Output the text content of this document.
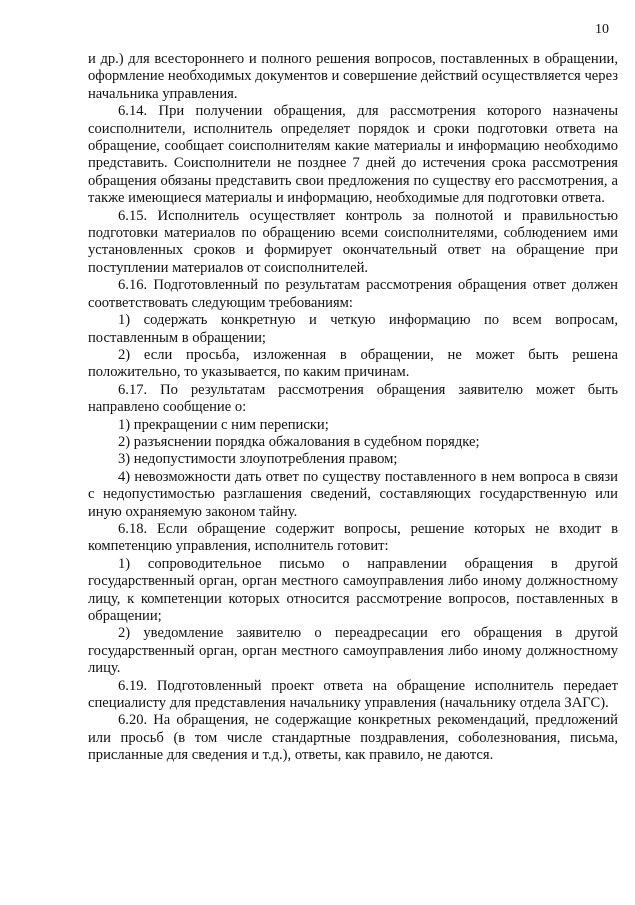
10

и др.) для всестороннего и полного решения вопросов, поставленных в обращении, оформление необходимых документов и совершение действий осуществляется через начальника управления.

6.14. При получении обращения, для рассмотрения которого назначены соисполнители, исполнитель определяет порядок и сроки подготовки ответа на обращение, сообщает соисполнителям какие материалы и информацию необходимо представить. Соисполнители не позднее 7 дней до истечения срока рассмотрения обращения обязаны представить свои предложения по существу его рассмотрения, а также имеющиеся материалы и информацию, необходимые для подготовки ответа.

6.15. Исполнитель осуществляет контроль за полнотой и правильностью подготовки материалов по обращению всеми соисполнителями, соблюдением ими установленных сроков и формирует окончательный ответ на обращение при поступлении материалов от соисполнителей.

6.16. Подготовленный по результатам рассмотрения обращения ответ должен соответствовать следующим требованиям:

1) содержать конкретную и четкую информацию по всем вопросам, поставленным в обращении;

2) если просьба, изложенная в обращении, не может быть решена положительно, то указывается, по каким причинам.

6.17. По результатам рассмотрения обращения заявителю может быть направлено сообщение о:

1) прекращении с ним переписки;

2) разъяснении порядка обжалования в судебном порядке;

3) недопустимости злоупотребления правом;

4) невозможности дать ответ по существу поставленного в нем вопроса в связи с недопустимостью разглашения сведений, составляющих государственную или иную охраняемую законом тайну.

6.18. Если обращение содержит вопросы, решение которых не входит в компетенцию управления, исполнитель готовит:

1) сопроводительное письмо о направлении обращения в другой государственный орган, орган местного самоуправления либо иному должностному лицу, к компетенции которых относится рассмотрение вопросов, поставленных в обращении;

2) уведомление заявителю о переадресации его обращения в другой государственный орган, орган местного самоуправления либо иному должностному лицу.

6.19. Подготовленный проект ответа на обращение исполнитель передает специалисту для представления начальнику управления (начальнику отдела ЗАГС).

6.20. На обращения, не содержащие конкретных рекомендаций, предложений или просьб (в том числе стандартные поздравления, соболезнования, письма, присланные для сведения и т.д.), ответы, как правило, не даются.
